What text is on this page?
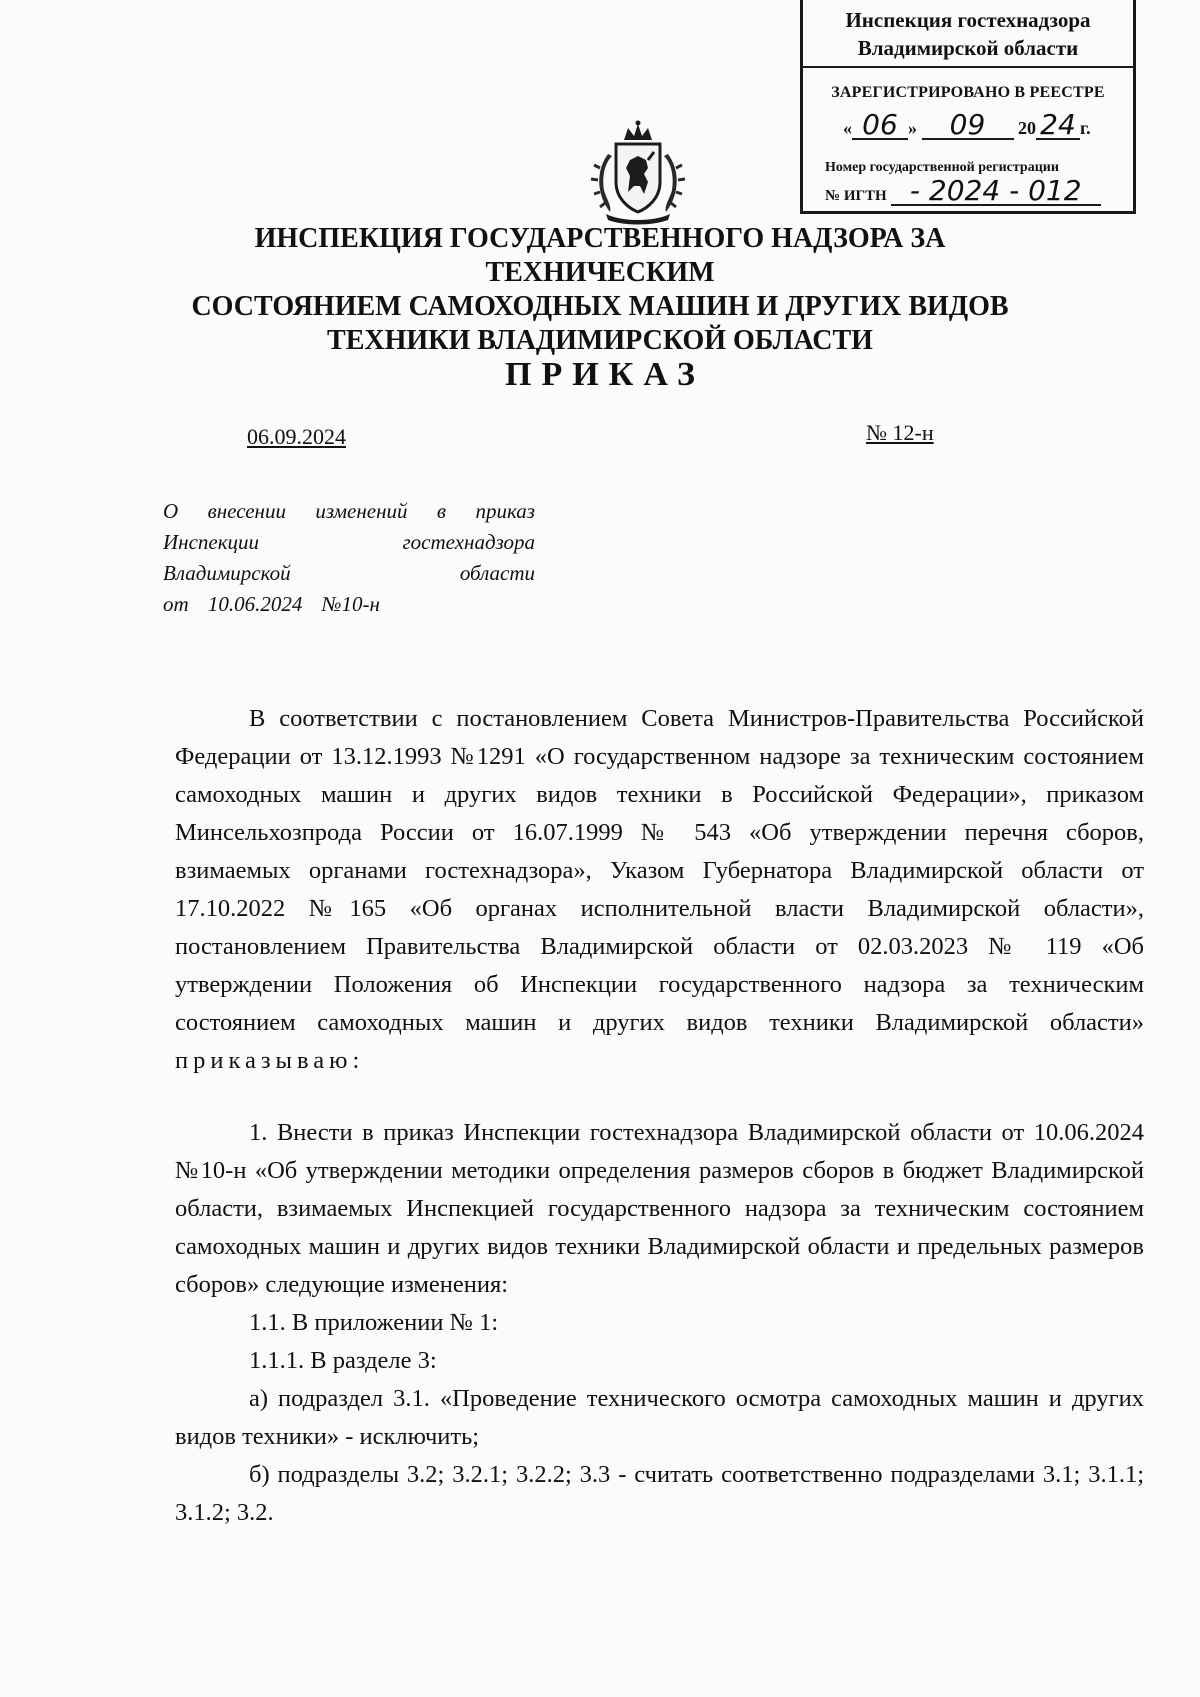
Инспекция гостехнадзора
Владимирской области
ЗАРЕГИСТРИРОВАНО В РЕЕСТРЕ
« 06 » 09 20 24 г.
Номер государственной регистрации
№ ИГТН - 2024 - 012
ИНСПЕКЦИЯ ГОСУДАРСТВЕННОГО НАДЗОРА ЗА ТЕХНИЧЕСКИМ
СОСТОЯНИЕМ САМОХОДНЫХ МАШИН И ДРУГИХ ВИДОВ
ТЕХНИКИ ВЛАДИМИРСКОЙ ОБЛАСТИ
ПРИКАЗ
06.09.2024	№ 12-н
О внесении изменений в приказ
Инспекции гостехнадзора
Владимирской области
от 10.06.2024 №10-н

В соответствии с постановлением Совета Министров-Правительства Российской Федерации от 13.12.1993 №1291 «О государственном надзоре за техническим состоянием самоходных машин и других видов техники в Российской Федерации», приказом Минсельхозпрода России от 16.07.1999 № 543 «Об утверждении перечня сборов, взимаемых органами гостехнадзора», Указом Губернатора Владимирской области от 17.10.2022 №165 «Об органах исполнительной власти Владимирской области», постановлением Правительства Владимирской области от 02.03.2023 № 119 «Об утверждении Положения об Инспекции государственного надзора за техническим состоянием самоходных машин и других видов техники Владимирской области» приказываю:

1. Внести в приказ Инспекции гостехнадзора Владимирской области от 10.06.2024 №10-н «Об утверждении методики определения размеров сборов в бюджет Владимирской области, взимаемых Инспекцией государственного надзора за техническим состоянием самоходных машин и других видов техники Владимирской области и предельных размеров сборов» следующие изменения:

1.1. В приложении № 1:

1.1.1. В разделе 3:

а) подраздел 3.1. «Проведение технического осмотра самоходных машин и других видов техники» - исключить;

б) подразделы 3.2; 3.2.1; 3.2.2; 3.3 - считать соответственно подразделами 3.1; 3.1.1; 3.1.2; 3.2.
